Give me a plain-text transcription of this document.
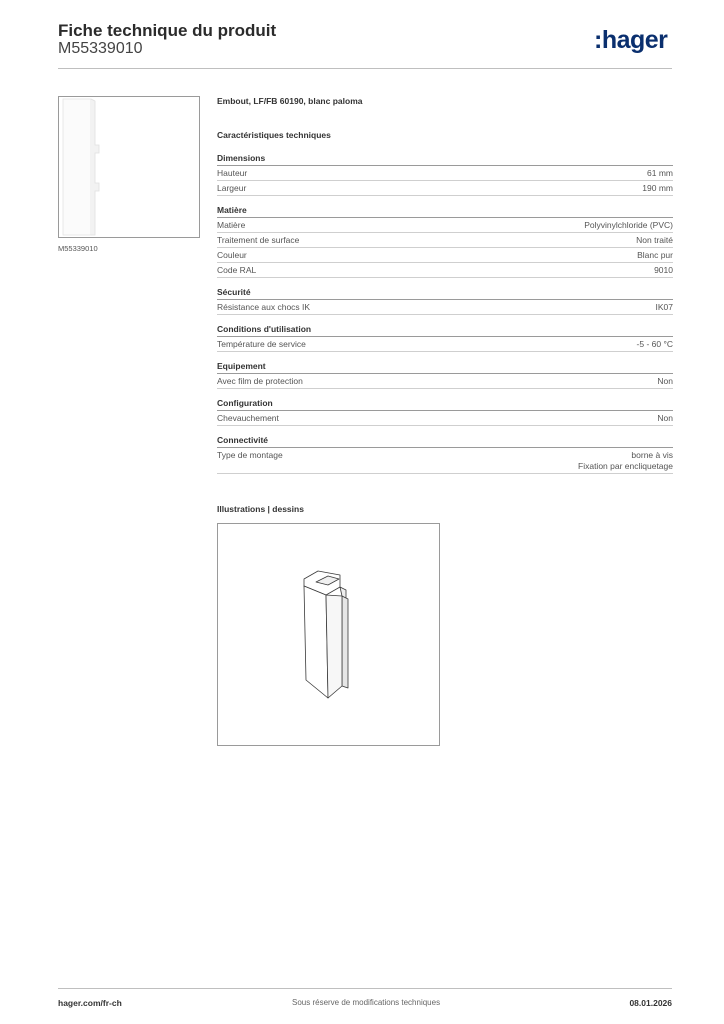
Fiche technique du produit
M55339010	:hager
M55339010
Embout, LF/FB 60190, blanc paloma
Caractéristiques techniques
Dimensions
Hauteur	61 mm
Largeur	190 mm
Matière
Matière	Polyvinylchloride (PVC)
Traitement de surface	Non traité
Couleur	Blanc pur
Code RAL	9010
Sécurité
Résistance aux chocs IK	IK07
Conditions d'utilisation
Température de service	-5 - 60 °C
Equipement
Avec film de protection	Non
Configuration
Chevauchement	Non
Connectivité
Type de montage	borne à vis
Fixation par encliquetage
Illustrations | dessins
hager.com/fr-ch	Sous réserve de modifications techniques	08.01.2026
